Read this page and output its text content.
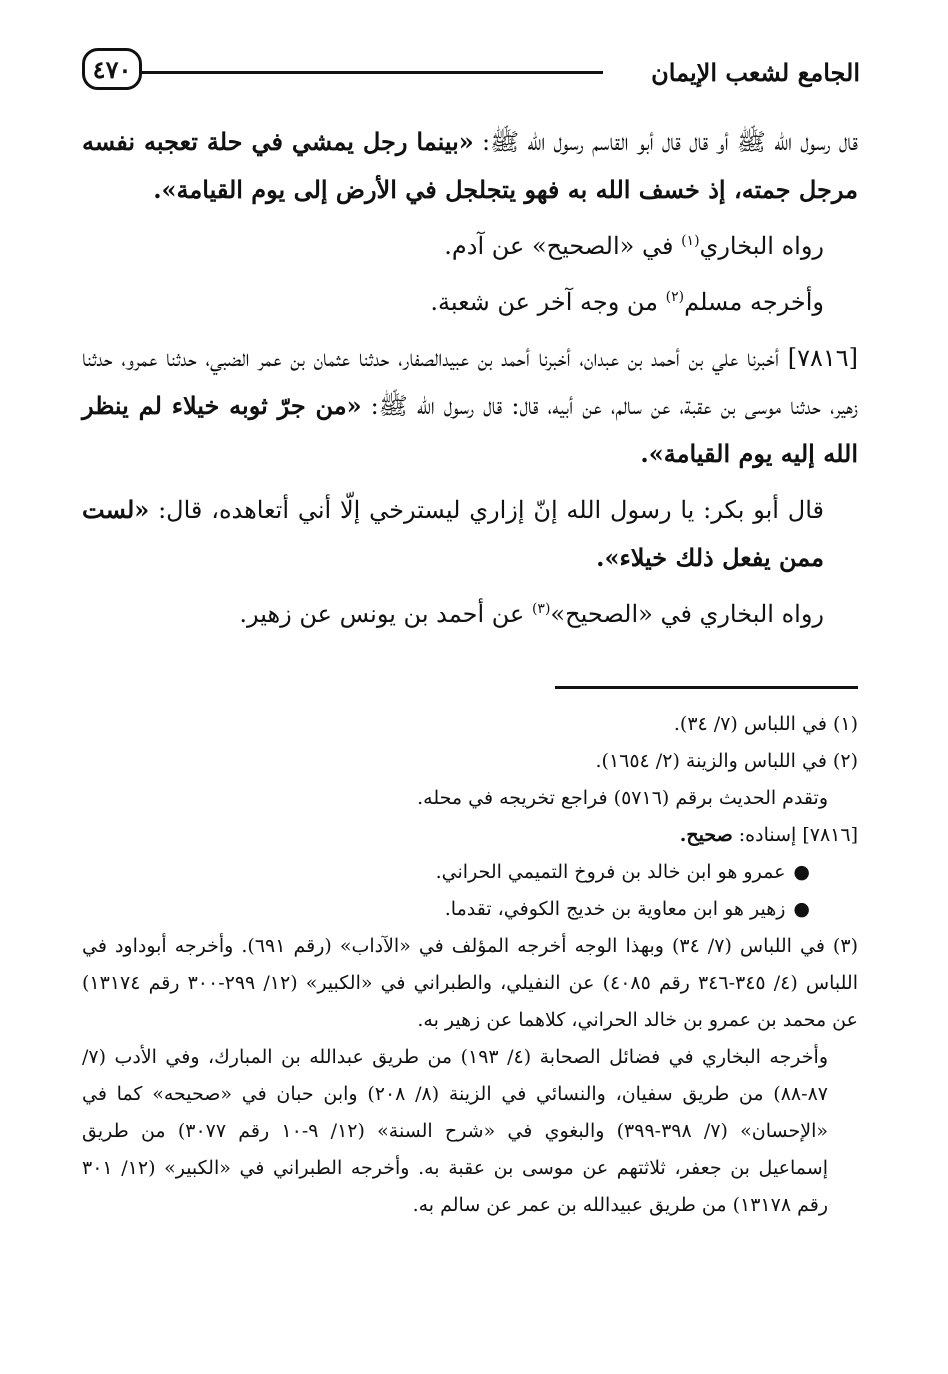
الجامع لشعب الإيمان
٤٧٠

قال رسول الله ﷺ أو قال قال أبو القاسم رسول الله ﷺ: «بينما رجل يمشي في حلة تعجبه نفسه مرجل جمته، إذ خسف الله به فهو يتجلجل في الأرض إلى يوم القيامة».

رواه البخاري$^{(١)}$ في «الصحيح» عن آدم.

وأخرجه مسلم$^{(٢)}$ من وجه آخر عن شعبة.

[٧٨١٦] أخبرنا علي بن أحمد بن عبدان، أخبرنا أحمد بن عبيدالصفار، حدثنا عثمان بن عمر الضبي، حدثنا عمرو، حدثنا زهير، حدثنا موسى بن عقبة، عن سالم، عن أبيه، قال: قال رسول الله ﷺ: «من جرّ ثوبه خيلاء لم ينظر الله إليه يوم القيامة».

قال أبو بكر: يا رسول الله إنّ إزاري ليسترخي إلّا أني أتعاهده، قال: «لست ممن يفعل ذلك خيلاء».

رواه البخاري في «الصحيح»$^{(٣)}$ عن أحمد بن يونس عن زهير.

(١) في اللباس (٧/ ٣٤).

(٢) في اللباس والزينة (٢/ ١٦٥٤).

وتقدم الحديث برقم (٥٧١٦) فراجع تخريجه في محله.

[٧٨١٦] إسناده: صحيح.

●عمرو هو ابن خالد بن فروخ التميمي الحراني.

●زهير هو ابن معاوية بن خديج الكوفي، تقدما.

(٣) في اللباس (٧/ ٣٤) وبهذا الوجه أخرجه المؤلف في «الآداب» (رقم ٦٩١). وأخرجه أبوداود في اللباس (٤/ ٣٤٥-٣٤٦ رقم ٤٠٨٥) عن النفيلي، والطبراني في «الكبير» (١٢/ ٢٩٩-٣٠٠ رقم ١٣١٧٤) عن محمد بن عمرو بن خالد الحراني، كلاهما عن زهير به.

وأخرجه البخاري في فضائل الصحابة (٤/ ١٩٣) من طريق عبدالله بن المبارك، وفي الأدب (٧/ ٨٧-٨٨) من طريق سفيان، والنسائي في الزينة (٨/ ٢٠٨) وابن حبان في «صحيحه» كما في «الإحسان» (٧/ ٣٩٨-٣٩٩) والبغوي في «شرح السنة» (١٢/ ٩-١٠ رقم ٣٠٧٧) من طريق إسماعيل بن جعفر، ثلاثتهم عن موسى بن عقبة به. وأخرجه الطبراني في «الكبير» (١٢/ ٣٠١ رقم ١٣١٧٨) من طريق عبيدالله بن عمر عن سالم به.
